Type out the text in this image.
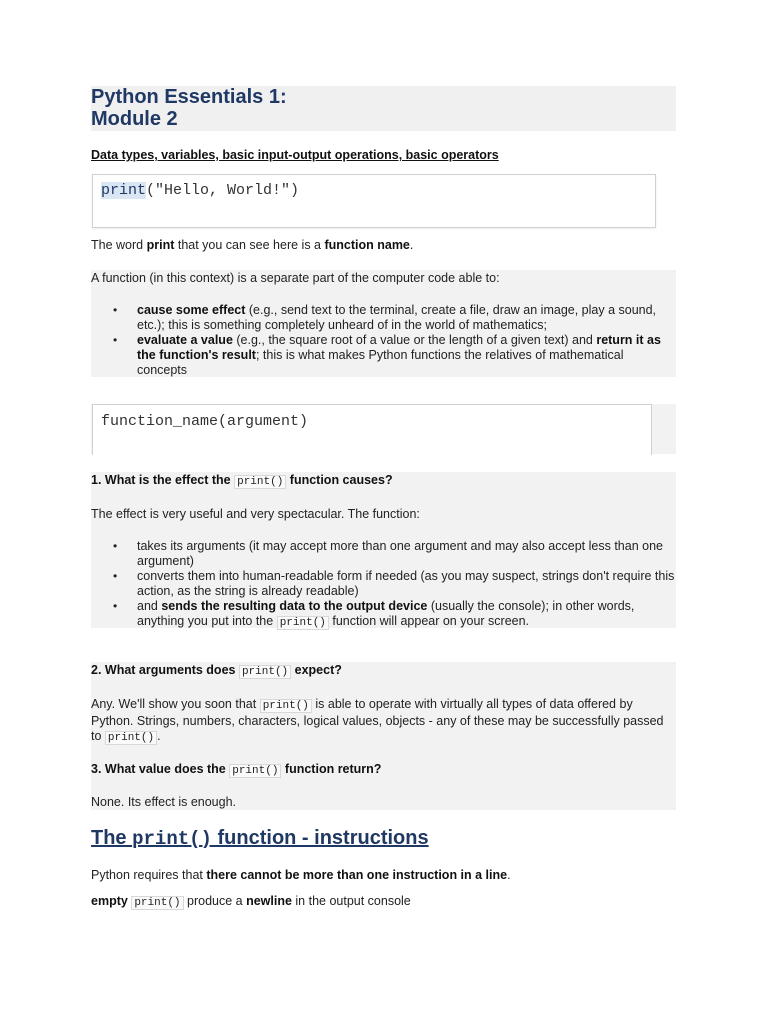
Python Essentials 1:
Module 2
Data types, variables, basic input-output operations, basic operators
print("Hello, World!")

The word print that you can see here is a function name.

A function (in this context) is a separate part of the computer code able to:

• cause some effect (e.g., send text to the terminal, create a file, draw an image, play a sound, etc.); this is something completely unheard of in the world of mathematics;
• evaluate a value (e.g., the square root of a value or the length of a given text) and return it as the function's result; this is what makes Python functions the relatives of mathematical concepts
function_name(argument)

1. What is the effect the print() function causes?

The effect is very useful and very spectacular. The function:

• takes its arguments (it may accept more than one argument and may also accept less than one argument)
• converts them into human-readable form if needed (as you may suspect, strings don't require this action, as the string is already readable)
• and sends the resulting data to the output device (usually the console); in other words, anything you put into the print() function will appear on your screen.

2. What arguments does print() expect?

Any. We'll show you soon that print() is able to operate with virtually all types of data offered by Python. Strings, numbers, characters, logical values, objects - any of these may be successfully passed to print() .

3. What value does the print() function return?

None. Its effect is enough.

The print() function - instructions

Python requires that there cannot be more than one instruction in a line.

empty print() produce a newline in the output console
